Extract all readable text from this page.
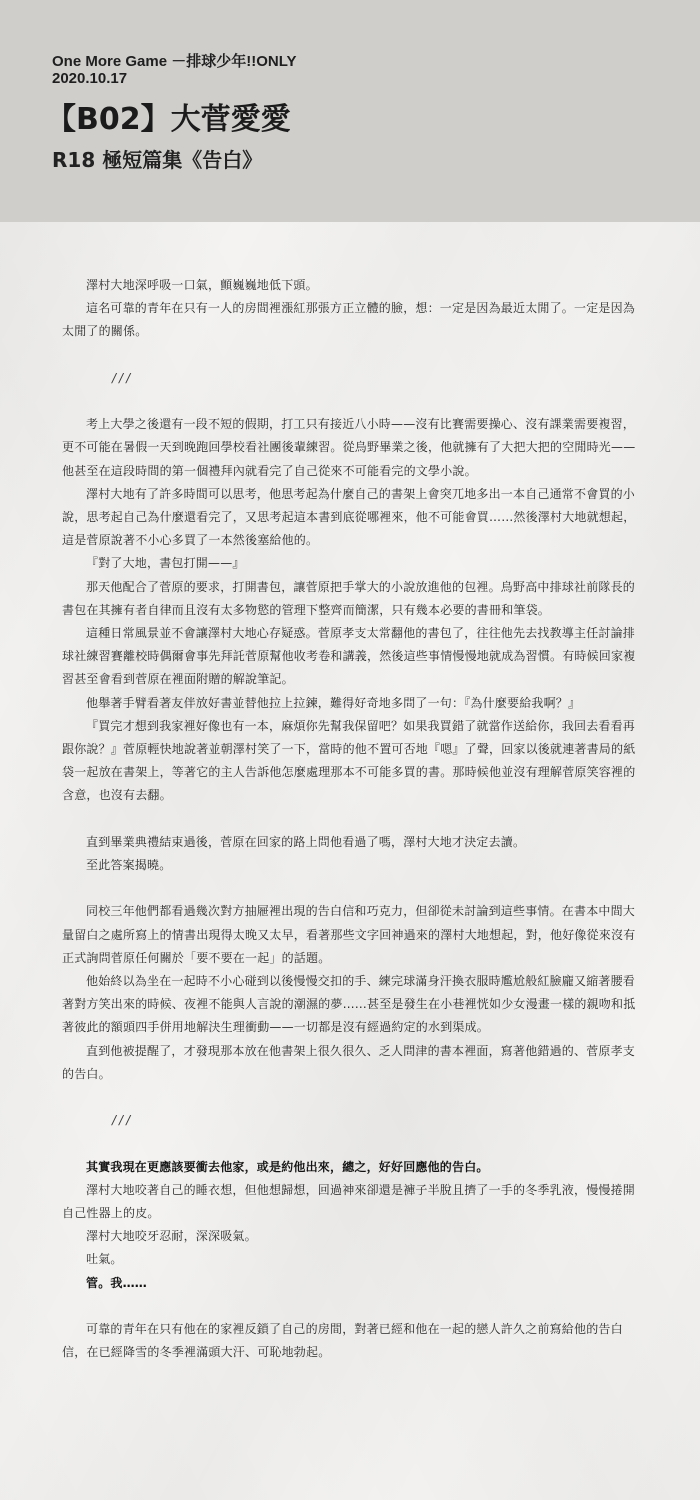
One More Game －排球少年!!ONLY
2020.10.17
【B02】大菅愛愛
R18 極短篇集《告白》

澤村大地深呼吸一口氣，顫巍巍地低下頭。

這名可靠的青年在只有一人的房間裡漲紅那張方正立體的臉，想：一定是因為最近太閒了。一定是因為太閒了的關係。

///

考上大學之後還有一段不短的假期，打工只有接近八小時——沒有比賽需要操心、沒有課業需要複習，更不可能在暑假一天到晚跑回學校看社團後輩練習。從烏野畢業之後，他就擁有了大把大把的空閒時光——他甚至在這段時間的第一個禮拜內就看完了自己從來不可能看完的文學小說。

澤村大地有了許多時間可以思考，他思考起為什麼自己的書架上會突兀地多出一本自己通常不會買的小說，思考起自己為什麼還看完了，又思考起這本書到底從哪裡來，他不可能會買……然後澤村大地就想起，這是菅原說著不小心多買了一本然後塞給他的。

『對了大地，書包打開——』

那天他配合了菅原的要求，打開書包，讓菅原把手掌大的小說放進他的包裡。烏野高中排球社前隊長的書包在其擁有者自律而且沒有太多物慾的管理下整齊而簡潔，只有幾本必要的書冊和筆袋。

這種日常風景並不會讓澤村大地心存疑惑。菅原孝支太常翻他的書包了，往往他先去找教導主任討論排球社練習賽離校時偶爾會事先拜託菅原幫他收考卷和講義，然後這些事情慢慢地就成為習慣。有時候回家複習甚至會看到菅原在裡面附贈的解說筆記。

他舉著手臂看著友伴放好書並替他拉上拉鍊，難得好奇地多問了一句：『為什麼要給我啊？』

『買完才想到我家裡好像也有一本，麻煩你先幫我保留吧？如果我買錯了就當作送給你，我回去看看再跟你說？』菅原輕快地說著並朝澤村笑了一下，當時的他不置可否地『嗯』了聲，回家以後就連著書局的紙袋一起放在書架上，等著它的主人告訴他怎麼處理那本不可能多買的書。那時候他並沒有理解菅原笑容裡的含意，也沒有去翻。

直到畢業典禮結束過後，菅原在回家的路上問他看過了嗎，澤村大地才決定去讀。

至此答案揭曉。

同校三年他們都看過幾次對方抽屜裡出現的告白信和巧克力，但卻從未討論到這些事情。在書本中間大量留白之處所寫上的情書出現得太晚又太早，看著那些文字回神過來的澤村大地想起，對，他好像從來沒有正式詢問菅原任何關於「要不要在一起」的話題。

他始終以為坐在一起時不小心碰到以後慢慢交扣的手、練完球滿身汗換衣服時尷尬般紅臉龐又縮著腰看著對方笑出來的時候、夜裡不能與人言說的潮濕的夢……甚至是發生在小巷裡恍如少女漫畫一樣的親吻和抵著彼此的額頭四手併用地解決生理衝動——一切都是沒有經過約定的水到渠成。

直到他被提醒了，才發現那本放在他書架上很久很久、乏人問津的書本裡面，寫著他錯過的、菅原孝支的告白。

///

其實我現在更應該要衝去他家，或是約他出來，總之，好好回應他的告白。

澤村大地咬著自己的睡衣想，但他想歸想，回過神來卻還是褲子半脫且擠了一手的冬季乳液，慢慢捲開自己性器上的皮。

澤村大地咬牙忍耐，深深吸氣。

吐氣。

管。我……

可靠的青年在只有他在的家裡反鎖了自己的房間，對著已經和他在一起的戀人許久之前寫給他的告白信，在已經降雪的冬季裡滿頭大汗、可恥地勃起。
